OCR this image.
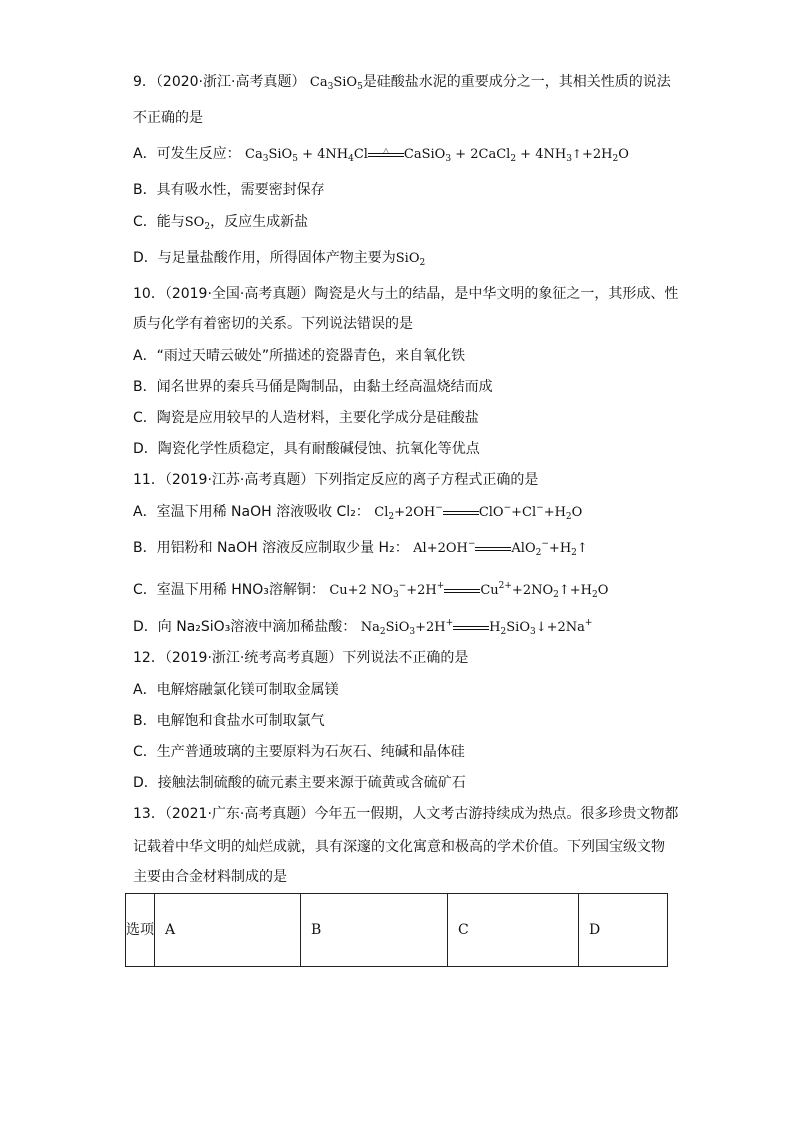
9．（2020·浙江·高考真题） $Ca_3SiO_5$是硅酸盐水泥的重要成分之一，其相关性质的说法
不正确的是
A．可发生反应： $Ca_3SiO_5 + 4NH_4Cl$	△	CaSiO$_3$ + 2CaCl$_2$ + $4NH_3↑+2H_2O$
B．具有吸水性，需要密封保存
C．能与$SO_2$，反应生成新盐
D．与足量盐酸作用，所得固体产物主要为SiO$_2$
10．（2019·全国·高考真题）陶瓷是火与土的结晶，是中华文明的象征之一，其形成、性
质与化学有着密切的关系。下列说法错误的是
A．“雨过天晴云破处”所描述的瓷器青色，来自氧化铁
B．闻名世界的秦兵马俑是陶制品，由黏土经高温烧结而成
C．陶瓷是应用较早的人造材料，主要化学成分是硅酸盐
D．陶瓷化学性质稳定，具有耐酸碱侵蚀、抗氧化等优点
11．（2019·江苏·高考真题）下列指定反应的离子方程式正确的是
A．室温下用稀 NaOH 溶液吸收 Cl₂： $Cl_2+2OH^-$	$ClO^-+Cl^-+H_2O$
B．用铝粉和 NaOH 溶液反应制取少量 H₂： Al+2OH−	$AlO_2^-+H_2↑$
C．室温下用稀 HNO₃溶解铜： Cu+2 $NO_3^-+2H^+$	$Cu^{2+}+2NO_2↑+H_2O$
D．向 Na₂SiO₃溶液中滴加稀盐酸： $Na_2SiO_3+2H^+$	$H_2SiO_3↓+2Na^+$
12．（2019·浙江·统考高考真题）下列说法不正确的是
A．电解熔融氯化镁可制取金属镁
B．电解饱和食盐水可制取氯气
C．生产普通玻璃的主要原料为石灰石、纯碱和晶体硅
D．接触法制硫酸的硫元素主要来源于硫黄或含硫矿石
13．（2021·广东·高考真题）今年五一假期，人文考古游持续成为热点。很多珍贵文物都
记载着中华文明的灿烂成就，具有深邃的文化寓意和极高的学术价值。下列国宝级文物
主要由合金材料制成的是
选项	A	B	C	D
